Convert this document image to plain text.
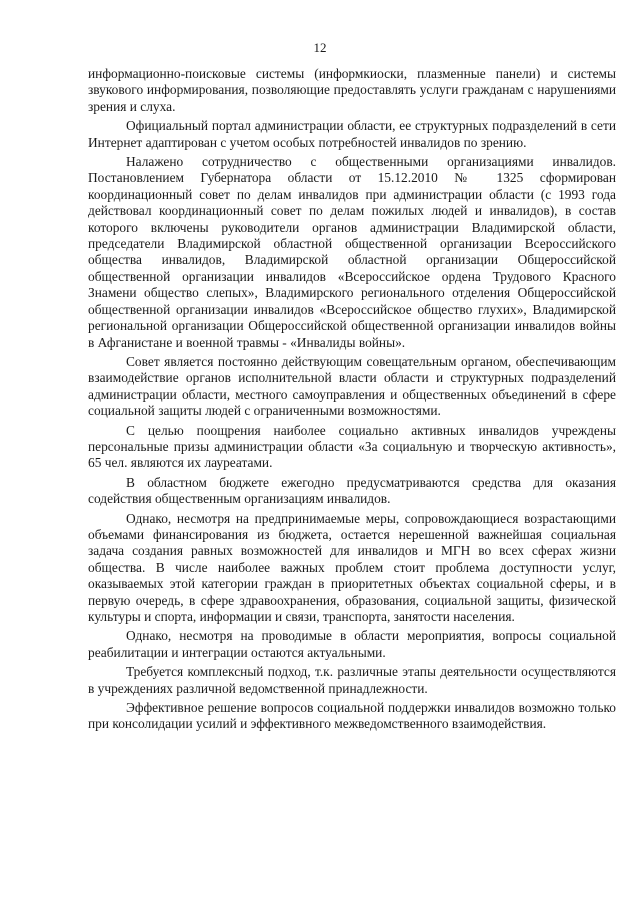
12

информационно-поисковые системы (информкиоски, плазменные панели) и системы звукового информирования, позволяющие предоставлять услуги гражданам с нарушениями зрения и слуха.

Официальный портал администрации области, ее структурных подразделений в сети Интернет адаптирован с учетом особых потребностей инвалидов по зрению.

Налажено сотрудничество с общественными организациями инвалидов. Постановлением Губернатора области от 15.12.2010 № 1325 сформирован координационный совет по делам инвалидов при администрации области (с 1993 года действовал координационный совет по делам пожилых людей и инвалидов), в состав которого включены руководители органов администрации Владимирской области, председатели Владимирской областной общественной организации Всероссийского общества инвалидов, Владимирской областной организации Общероссийской общественной организации инвалидов «Всероссийское ордена Трудового Красного Знамени общество слепых», Владимирского регионального отделения Общероссийской общественной организации инвалидов «Всероссийское общество глухих», Владимирской региональной организации Общероссийской общественной организации инвалидов войны в Афганистане и военной травмы - «Инвалиды войны».

Совет является постоянно действующим совещательным органом, обеспечивающим взаимодействие органов исполнительной власти области и структурных подразделений администрации области, местного самоуправления и общественных объединений в сфере социальной защиты людей с ограниченными возможностями.

С целью поощрения наиболее социально активных инвалидов учреждены персональные призы администрации области «За социальную и творческую активность», 65 чел. являются их лауреатами.

В областном бюджете ежегодно предусматриваются средства для оказания содействия общественным организациям инвалидов.

Однако, несмотря на предпринимаемые меры, сопровождающиеся возрастающими объемами финансирования из бюджета, остается нерешенной важнейшая социальная задача создания равных возможностей для инвалидов и МГН во всех сферах жизни общества. В числе наиболее важных проблем стоит проблема доступности услуг, оказываемых этой категории граждан в приоритетных объектах социальной сферы, и в первую очередь, в сфере здравоохранения, образования, социальной защиты, физической культуры и спорта, информации и связи, транспорта, занятости населения.

Однако, несмотря на проводимые в области мероприятия, вопросы социальной реабилитации и интеграции остаются актуальными.

Требуется комплексный подход, т.к. различные этапы деятельности осуществляются в учреждениях различной ведомственной принадлежности.

Эффективное решение вопросов социальной поддержки инвалидов возможно только при консолидации усилий и эффективного межведомственного взаимодействия.
